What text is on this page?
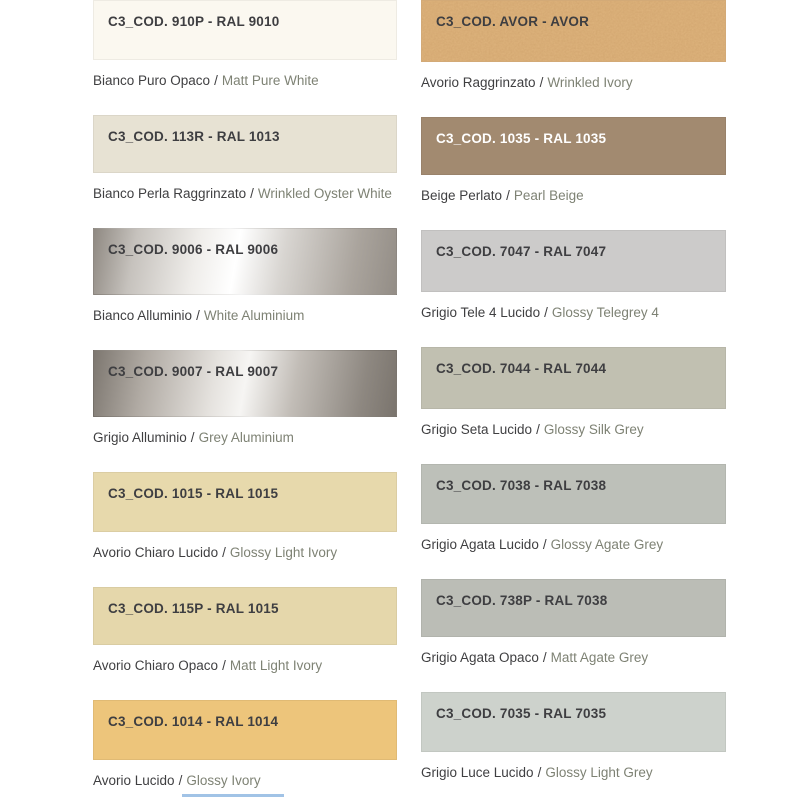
C3_COD. 910P - RAL 9010
Bianco Puro Opaco / Matt Pure White
C3_COD. 113R - RAL 1013
Bianco Perla Raggrinzato / Wrinkled Oyster White
C3_COD. 9006 - RAL 9006
Bianco Alluminio / White Aluminium
C3_COD. 9007 - RAL 9007
Grigio Alluminio / Grey Aluminium
C3_COD. 1015 - RAL 1015
Avorio Chiaro Lucido / Glossy Light Ivory
C3_COD. 115P - RAL 1015
Avorio Chiaro Opaco / Matt Light Ivory
C3_COD. 1014 - RAL 1014
Avorio Lucido / Glossy Ivory
C3_COD. AVOR - AVOR
Avorio Raggrinzato / Wrinkled Ivory
C3_COD. 1035 - RAL 1035
Beige Perlato / Pearl Beige
C3_COD. 7047 - RAL 7047
Grigio Tele 4 Lucido / Glossy Telegrey 4
C3_COD. 7044 - RAL 7044
Grigio Seta Lucido / Glossy Silk Grey
C3_COD. 7038 - RAL 7038
Grigio Agata Lucido / Glossy Agate Grey
C3_COD. 738P - RAL 7038
Grigio Agata Opaco / Matt Agate Grey
C3_COD. 7035 - RAL 7035
Grigio Luce Lucido / Glossy Light Grey
